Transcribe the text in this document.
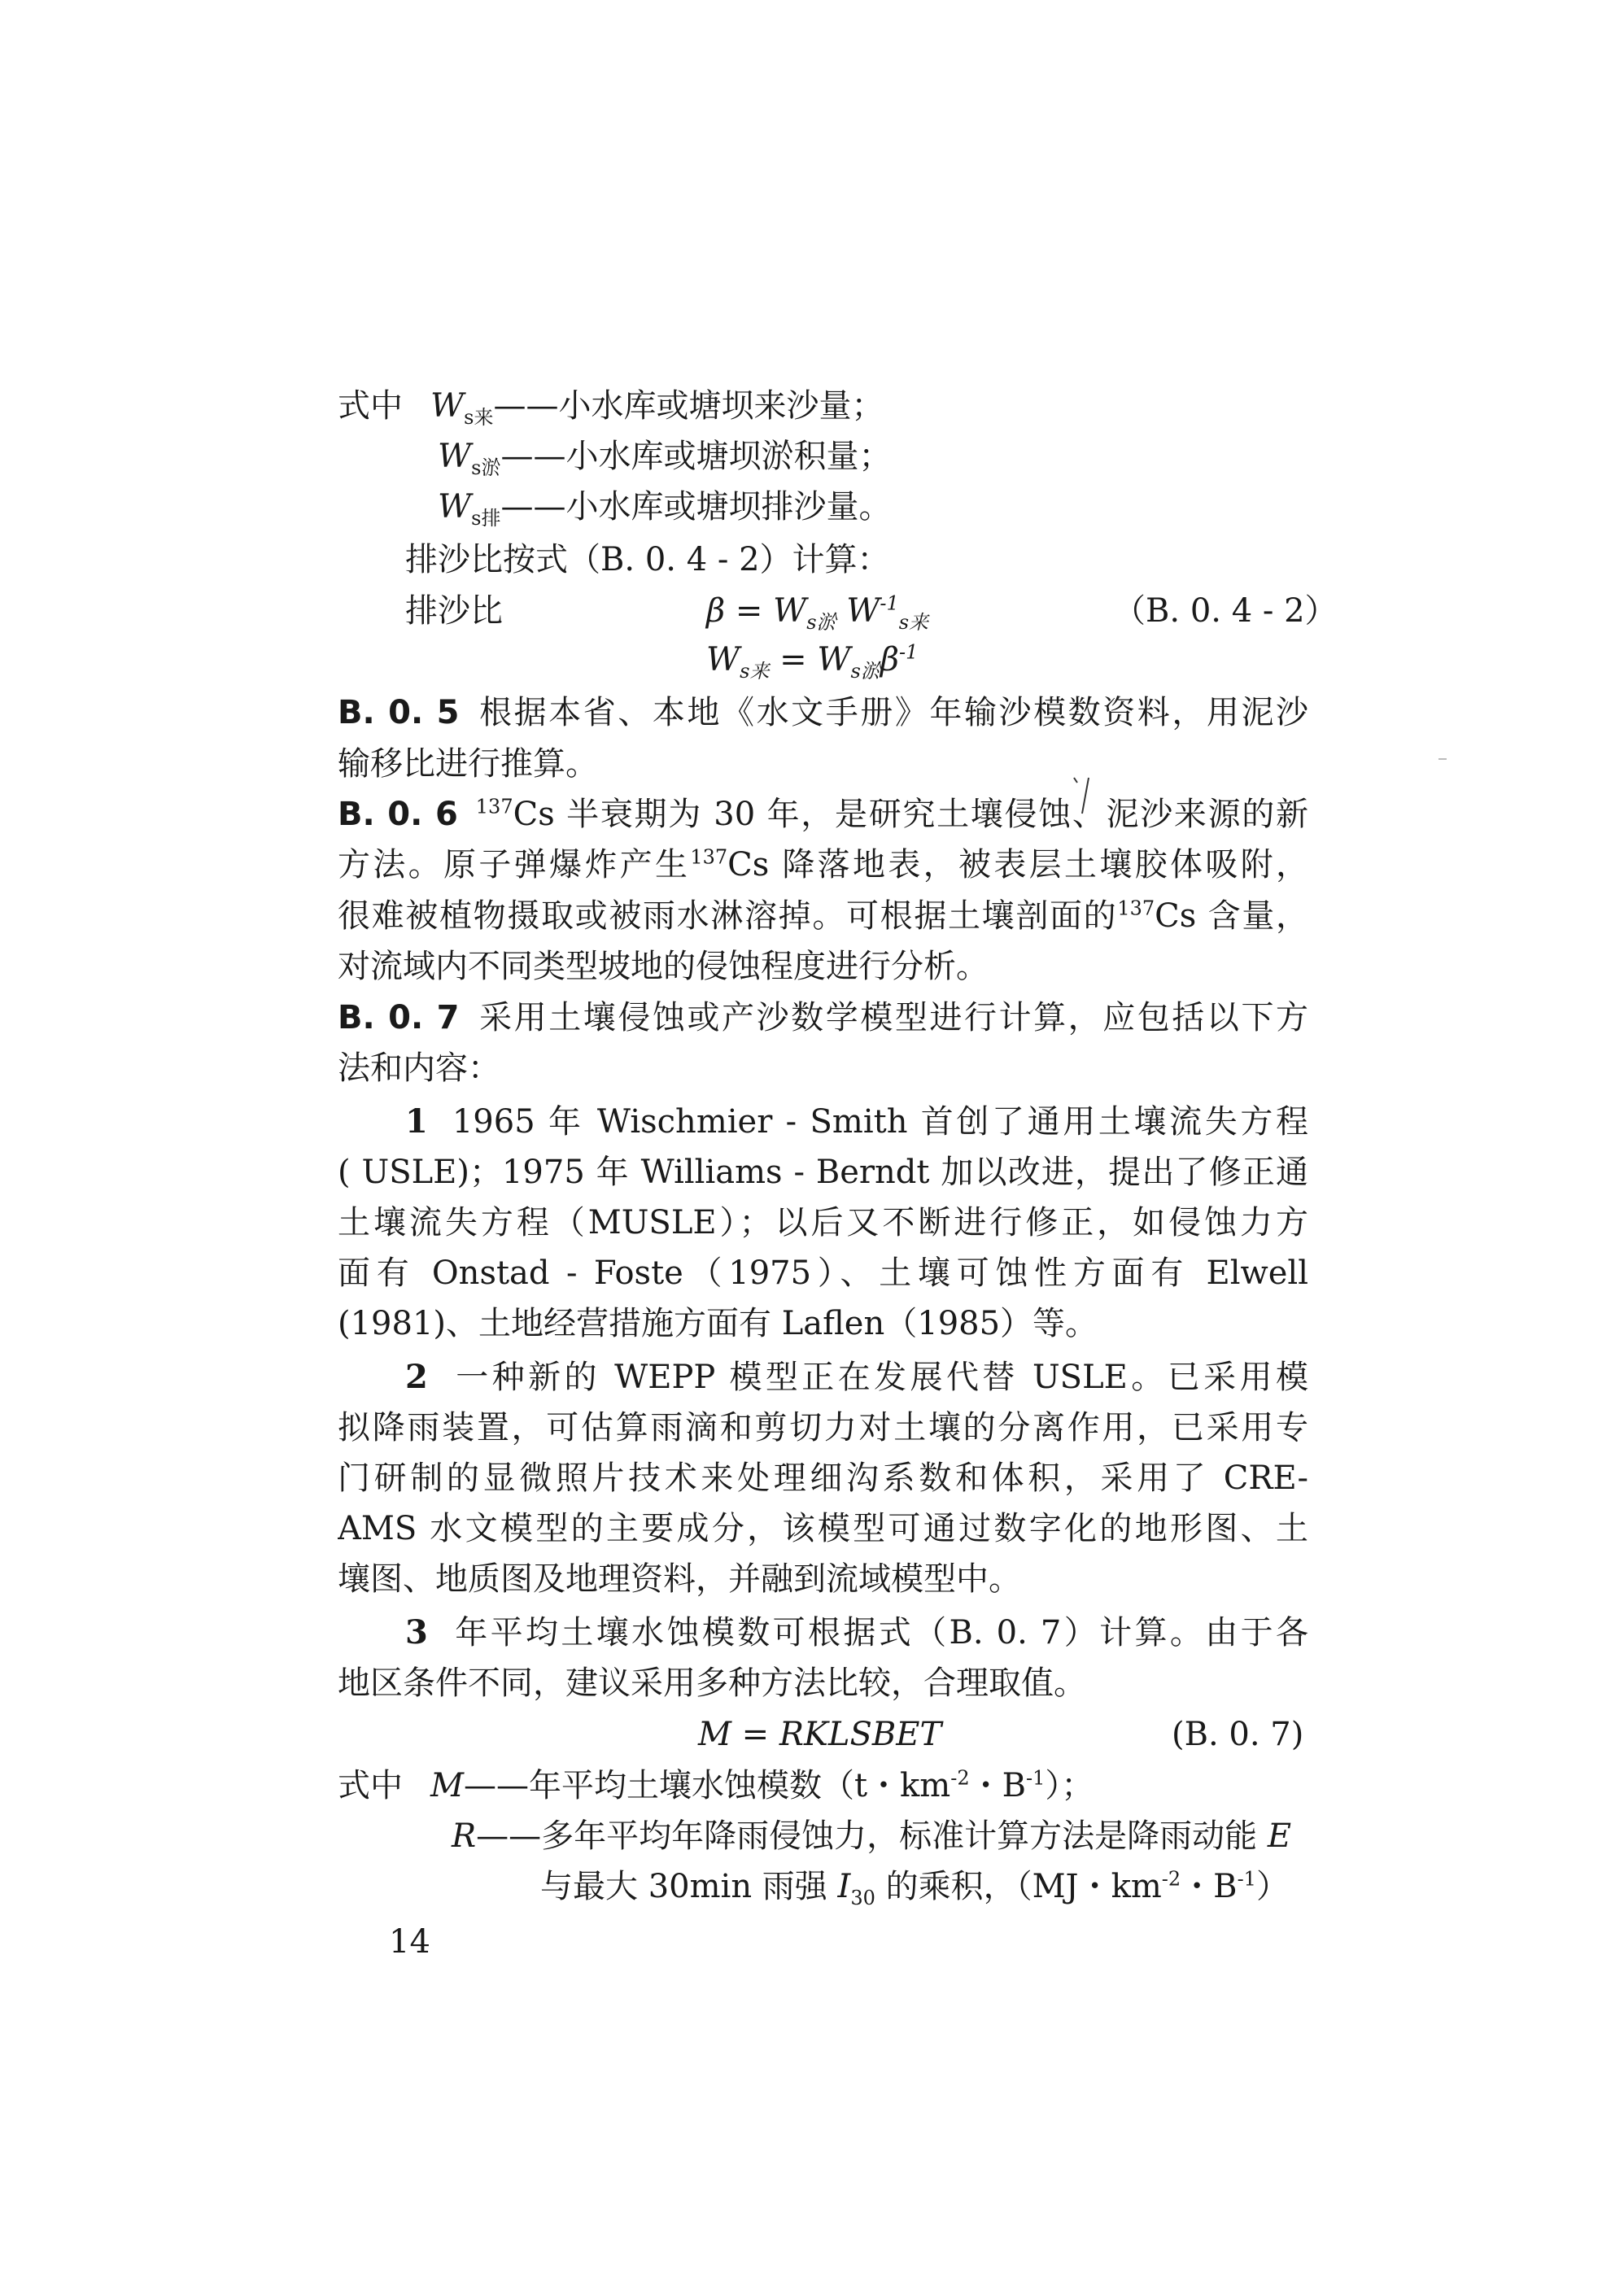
式中 $W_{s来}——$小水库或塘坝来沙量；
$W_{s淤}——$小水库或塘坝淤积量；
$W_{s排}——$小水库或塘坝排沙量。
排沙比按式（B. 0. 4 - 2）计算：
排沙比	$\beta = W_{s淤}$ $W^{-1}_{s来}$	（B. 0. 4 - 2）
$W_{s来} = W_{s淤}\beta^{-1}$
B. 0. 5 根据本省、本地《水文手册》年输沙模数资料，用泥沙
输移比进行推算。
B. 0. 6 $^{137}$Cs 半衰期为 30 年，是研究土壤侵蚀、泥沙来源的新
方法。原子弹爆炸产生$^{137}$Cs 降落地表，被表层土壤胶体吸附，
很难被植物摄取或被雨水淋溶掉。可根据土壤剖面的$^{137}$Cs 含量，
对流域内不同类型坡地的侵蚀程度进行分析。
B. 0. 7 采用土壤侵蚀或产沙数学模型进行计算，应包括以下方
法和内容：
1 1965 年 Wischmier - Smith 首创了通用土壤流失方程
( USLE)；1975 年 Williams - Berndt 加以改进，提出了修正通
土壤流失方程（MUSLE）；以后又不断进行修正，如侵蚀力方
面有 Onstad - Foste（1975）、土壤可蚀性方面有 Elwell
(1981)、土地经营措施方面有 Laflen（1985）等。
2 一种新的 WEPP 模型正在发展代替 USLE。已采用模
拟降雨装置，可估算雨滴和剪切力对土壤的分离作用，已采用专
门研制的显微照片技术来处理细沟系数和体积，采用了 CRE-
AMS 水文模型的主要成分，该模型可通过数字化的地形图、土
壤图、地质图及地理资料，并融到流域模型中。
3 年平均土壤水蚀模数可根据式（B. 0. 7）计算。由于各
地区条件不同，建议采用多种方法比较，合理取值。
M = RKLSBET	(B. 0. 7)
式中 M——年平均土壤水蚀模数（t・$km^{-2}$・$B^{-1}$）；
R——多年平均年降雨侵蚀力，标准计算方法是降雨动能 E
与最大 30min 雨强 $I_{30}$ 的乘积，（MJ・$km^{-2}$・$B^{-1}$）
14
